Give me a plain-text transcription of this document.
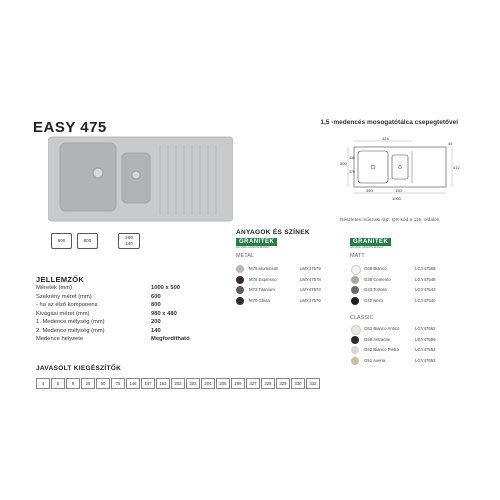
EASY 475	1,5 -medencés mosogatótálca csepegtetővel
424
45
500
430
370
412
350	150
1000
Részletes műszaki rajz: QR-kód a 115. oldalon
600	800
200
140
JELLEMZŐK
Méretek (mm)	1000 x 500
Szekrény méret (mm)	600
- ha az első komponens	800
Kivágási méret (mm)	980 x 480
1. Medence mélység (mm)	200
2. Medence mélység (mm)	140
Medence helyzete	Megfordítható
JAVASOLT KIEGÉSZÍTŐK
4	5	9	25	50	75	146	147	163	202	203	204	205	299	327	328	329	330	332
ANYAGOK ÉS SZÍNEK
GRANITEK
NATURAL GRANITE EFFECT
METAL
M79 Aluminium	LMY47579
M78 Espresso	LMY47578
M73 Titanium	LMY47573
M70 Ghisa	LMY47570
GRANITEK
NATURAL GRANITE EFFECT
MATT
G68 Bianco	LGY47568
G48 Cemento	LGY47548
G43 Tortora	LGY47543
G40 Nero	LGY47540
CLASSIC
G62 Bianco Antico	LGY47562
G59 Antracite	LGY47559
G52 Bianco Pietra	LGY47552
G51 Avena	LGY47551
